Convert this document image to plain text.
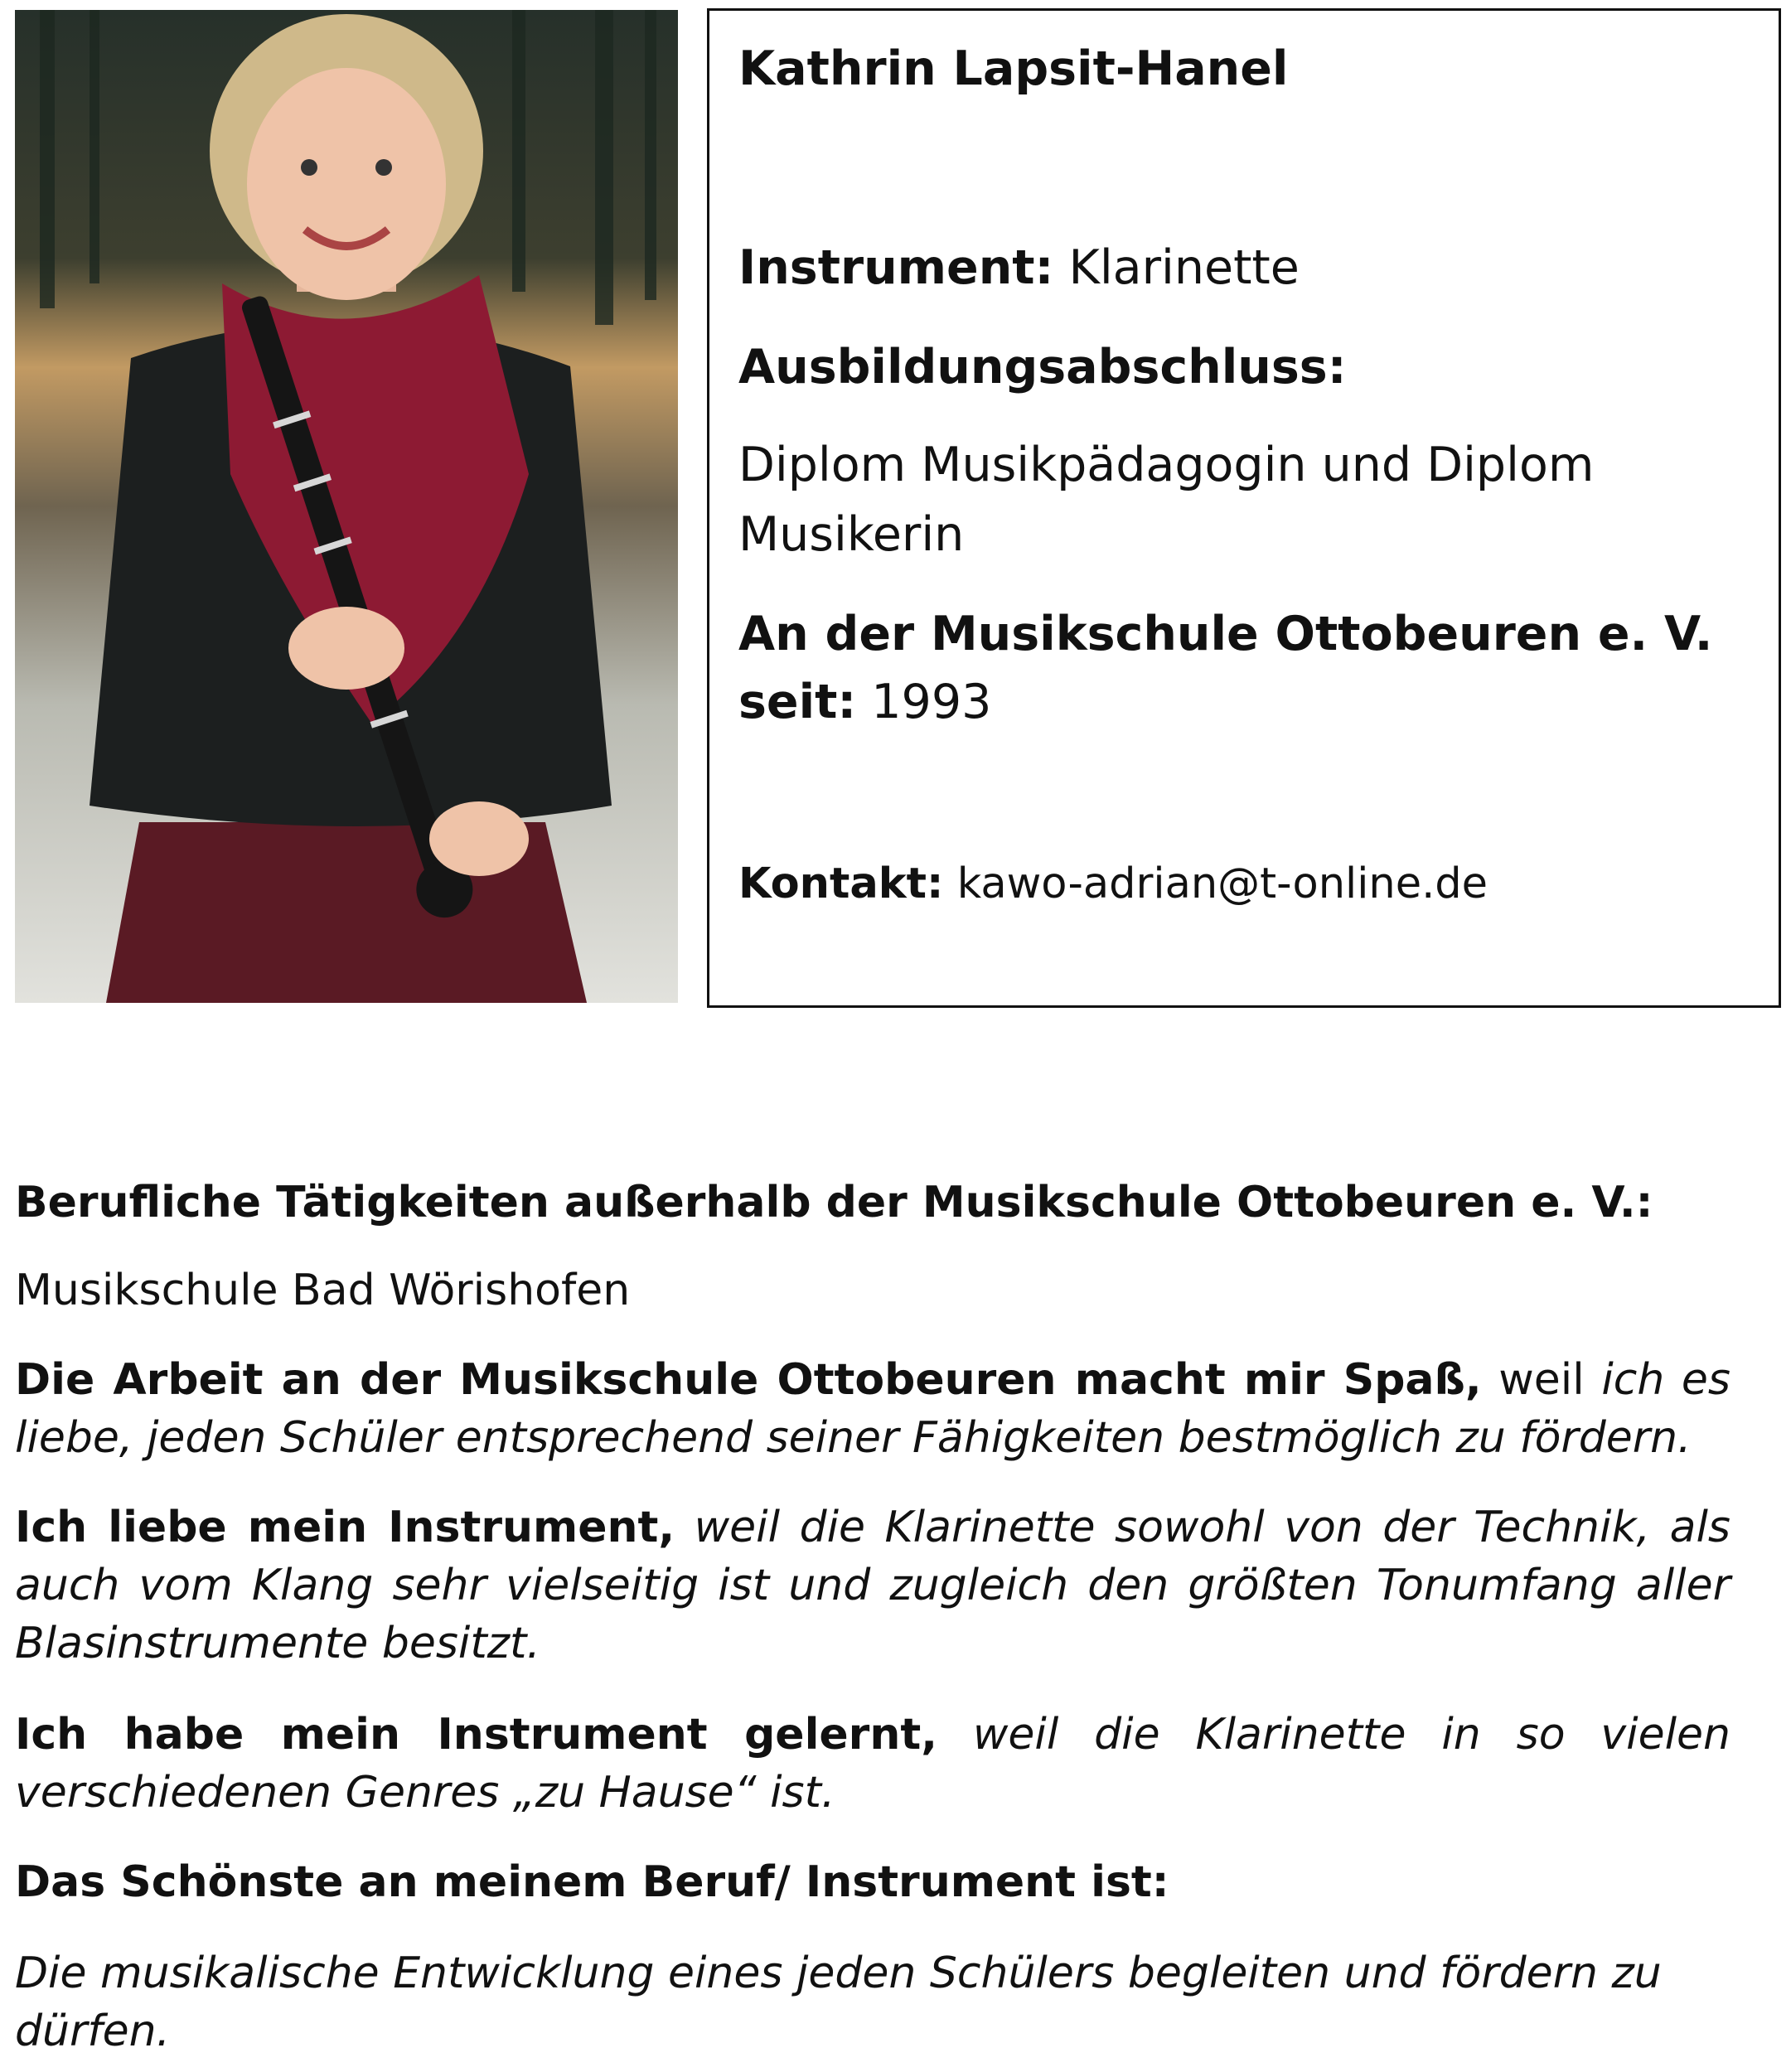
Kathrin Lapsit-Hanel

Instrument: Klarinette

Ausbildungsabschluss:

Diplom Musikpädagogin und Diplom

Musikerin

An der Musikschule Ottobeuren e. V.

seit: 1993

Kontakt: kawo-adrian@t-online.de

Berufliche Tätigkeiten außerhalb der Musikschule Ottobeuren e. V.:

Musikschule Bad Wörishofen

Die Arbeit an der Musikschule Ottobeuren macht mir Spaß, weil ich es liebe, jeden Schüler entsprechend seiner Fähigkeiten bestmöglich zu fördern.

Ich liebe mein Instrument, weil die Klarinette sowohl von der Technik, als auch vom Klang sehr vielseitig ist und zugleich den größten Tonumfang aller Blasinstrumente besitzt.

Ich habe mein Instrument gelernt, weil die Klarinette in so vielen verschiedenen Genres „zu Hause“ ist.

Das Schönste an meinem Beruf/ Instrument ist:

Die musikalische Entwicklung eines jeden Schülers begleiten und fördern zu dürfen.
